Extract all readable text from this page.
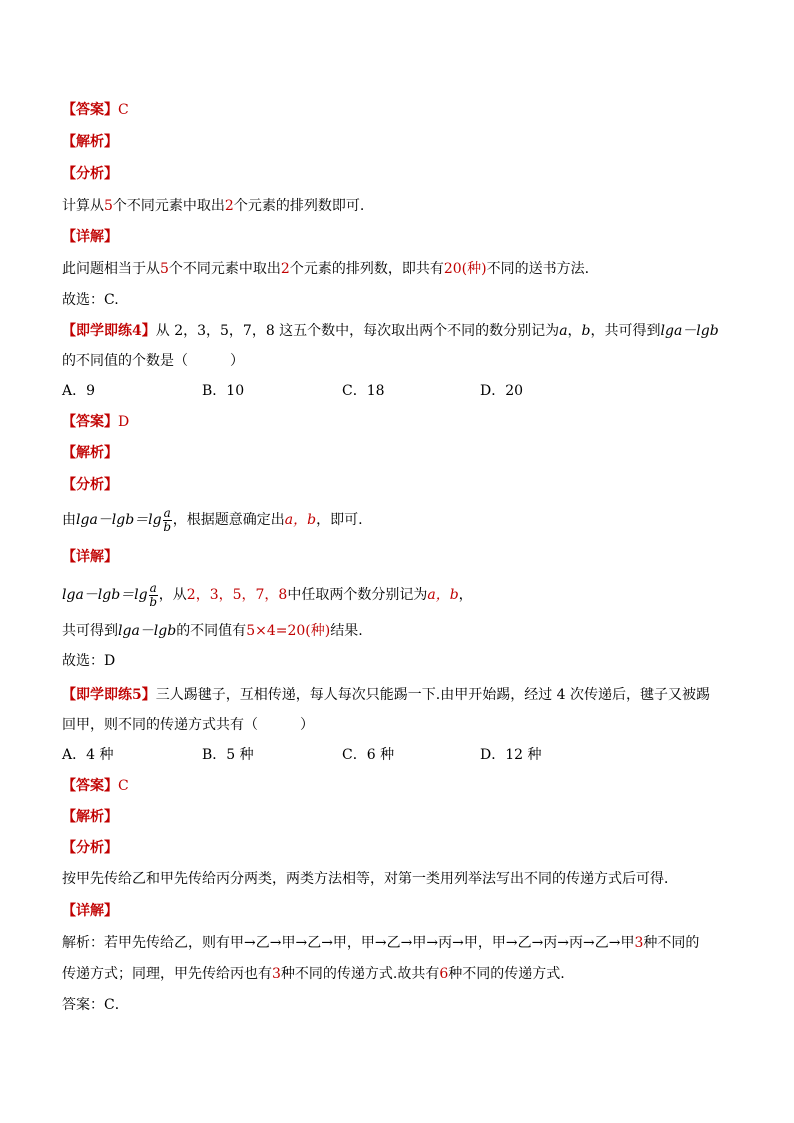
【答案】C
【解析】
【分析】
计算从5个不同元素中取出2个元素的排列数即可.
【详解】
此问题相当于从5个不同元素中取出2个元素的排列数，即共有20(种)不同的送书方法.
故选：C.
【即学即练4】从 2，3，5，7，8 这五个数中，每次取出两个不同的数分别记为a，b，共可得到lga－lgb
的不同值的个数是（　　　）
A．9	B．10	C．18	D．20
【答案】D
【解析】
【分析】
由$\lg a-\lg b=\lg \frac{a}{b}$ ，根据题意确定出a，b，即可.
【详解】
$\lg a-\lg b=\lg \frac{a}{b}$ ，从2，3，5，7，8中任取两个数分别记为a，b，
共可得到lga－lgb的不同值有5×4=20(种)结果.
故选：D
【即学即练5】三人踢毽子，互相传递，每人每次只能踢一下.由甲开始踢，经过 4 次传递后，毽子又被踢
回甲，则不同的传递方式共有（　　　）
A．4 种	B．5 种	C．6 种	D．12 种
【答案】C
【解析】
【分析】
按甲先传给乙和甲先传给丙分两类，两类方法相等，对第一类用列举法写出不同的传递方式后可得．
【详解】
解析：若甲先传给乙，则有甲→乙→甲→乙→甲，甲→乙→甲→丙→甲，甲→乙→丙→丙→乙→甲3种不同的
传递方式；同理，甲先传给丙也有3种不同的传递方式.故共有6种不同的传递方式.
答案：C．
